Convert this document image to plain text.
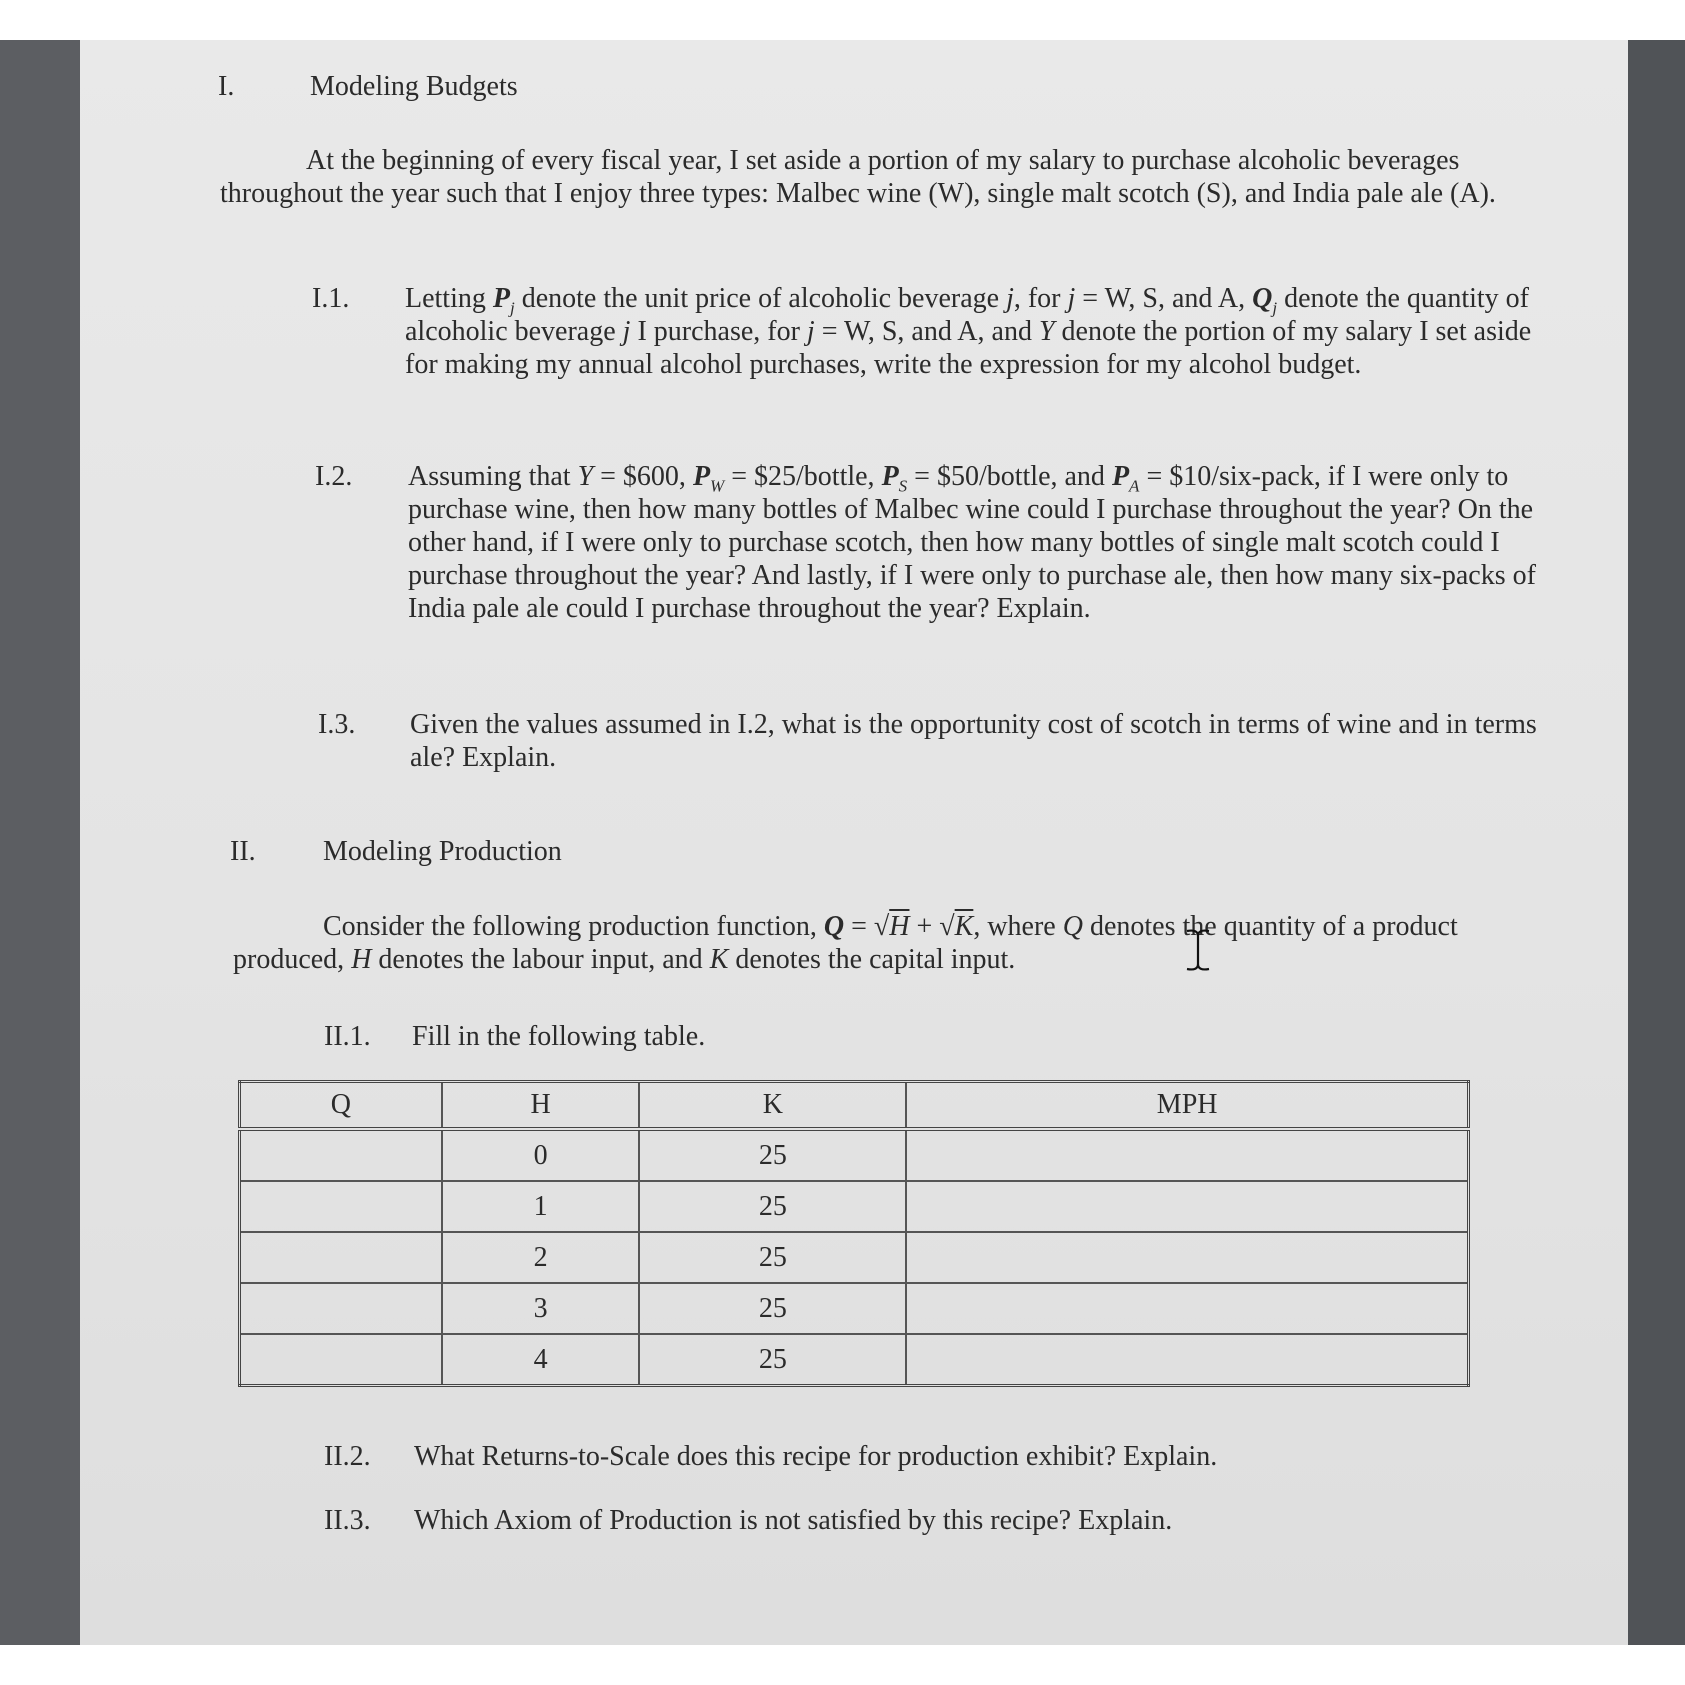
I.	Modeling Budgets
At the beginning of every fiscal year, I set aside a portion of my salary to purchase alcoholic beverages throughout the year such that I enjoy three types: Malbec wine (W), single malt scotch (S), and India pale ale (A).
I.1. Letting $P_j$ denote the unit price of alcoholic beverage j, for j = W, S, and A, $Q_j$ denote the quantity of alcoholic beverage j I purchase, for j = W, S, and A, and Y denote the portion of my salary I set aside for making my annual alcohol purchases, write the expression for my alcohol budget.
I.2. Assuming that Y = $600, $P_W$ = $25/bottle, $P_S$ = $50/bottle, and $P_A$ = $10/six-pack, if I were only to purchase wine, then how many bottles of Malbec wine could I purchase throughout the year? On the other hand, if I were only to purchase scotch, then how many bottles of single malt scotch could I purchase throughout the year? And lastly, if I were only to purchase ale, then how many six-packs of India pale ale could I purchase throughout the year? Explain.
I.3. Given the values assumed in I.2, what is the opportunity cost of scotch in terms of wine and in terms ale? Explain.
II. Modeling Production
Consider the following production function, Q = √H + √K, where Q denotes the quantity of a product produced, H denotes the labour input, and K denotes the capital input.
II.1. Fill in the following table.
Q	H	K	MPH
	0	25	
	1	25	
	2	25	
	3	25	
	4	25	
II.2. What Returns-to-Scale does this recipe for production exhibit? Explain.
II.3. Which Axiom of Production is not satisfied by this recipe? Explain.
